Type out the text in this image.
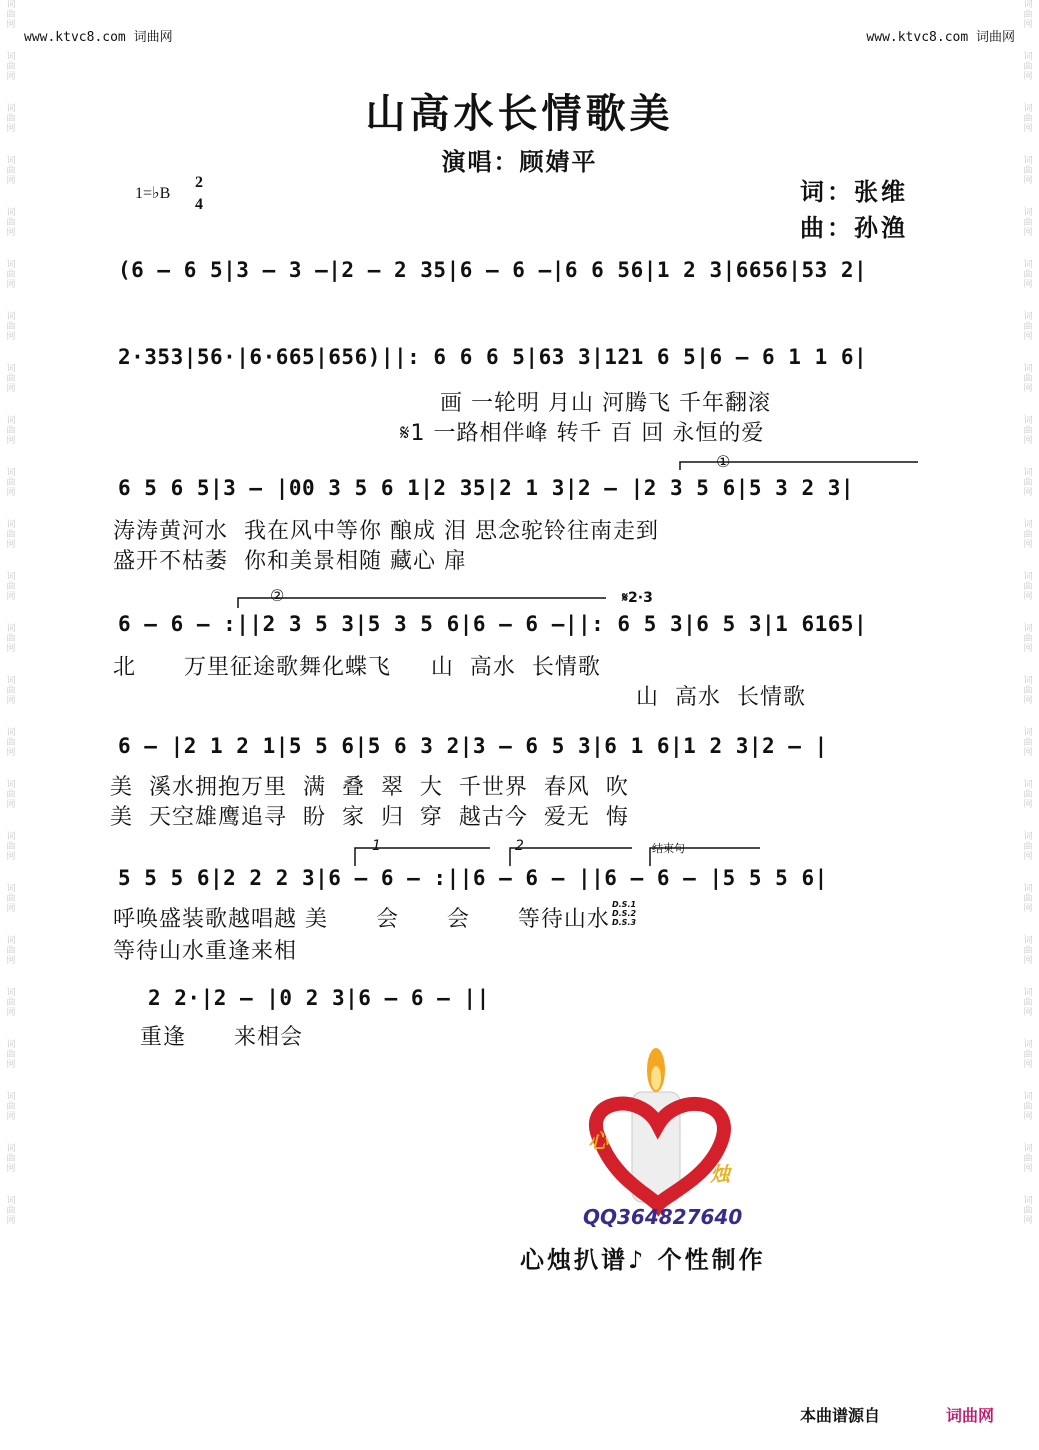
词
曲
网
词
曲
网
词
曲
网
词
曲
网
词
曲
网
词
曲
网
词
曲
网
词
曲
网
词
曲
网
词
曲
网
词
曲
网
词
曲
网
词
曲
网
词
曲
网
词
曲
网
词
曲
网
词
曲
网
词
曲
网
词
曲
网
词
曲
网
词
曲
网
词
曲
网
词
曲
网
词
曲
网
词
曲
网
词
曲
网
词
曲
网
词
曲
网
词
曲
网
词
曲
网
词
曲
网
词
曲
网
词
曲
网
词
曲
网
词
曲
网
词
曲
网
词
曲
网
词
曲
网
词
曲
网
词
曲
网
词
曲
网
词
曲
网
词
曲
网
词
曲
网
词
曲
网
词
曲
网
词
曲
网
词
曲
网
www.ktvc8.com 词曲网	www.ktvc8.com 词曲网
山高水长情歌美
演唱：顾婧平
词：张维
曲：孙渔
1=♭B
2
4
(6 – 6 5|3 – 3 –|2 – 2 35|6 – 6 –|6 6 56|1 2 3|6656|53 2|
2·353|56·|6·665|656)||: 6 6 6 5|63 3|121 6 5|6 – 6 1 1 6|
画 一轮明 月山 河腾飞 千年翻滚
𝄋1 一路相伴峰 转千 百 回 永恒的爱
6 5 6 5|3 – |00 3 5 6 1|2 35|2 1 3|2 – |2 3 5 6|5 3 2 3|
①
涛涛黄河水  我在风中等你 酿成 泪 思念驼铃往南走到
盛开不枯萎  你和美景相随 藏心 扉
6 – 6 – :||2 3 5 3|5 3 5 6|6 – 6 –||: 6 5 3|6 5 3|1 6165|
②	𝄋2·3
北      万里征途歌舞化蝶飞     山  高水  长情歌
山  高水  长情歌
6 – |2 1 2 1|5 5 6|5 6 3 2|3 – 6 5 3|6 1 6|1 2 3|2 – |
美  溪水拥抱万里  满  叠  翠  大  千世界  春风  吹
美  天空雄鹰追寻  盼  家  归  穿  越古今  爱无  悔
1	2	结束句
5 5 5 6|2 2 2 3|6 – 6 – :||6 – 6 – ||6 – 6 – |5 5 5 6|
D.S.1
D.S.2
D.S.3
呼唤盛装歌越唱越 美      会      会      等待山水
等待山水重逢来相
2 2·|2 – |0 2 3|6 – 6 – ||
重逢      来相会
心
烛
QQ364827640
心烛扒谱♪ 个性制作
本曲谱源自	词曲网
